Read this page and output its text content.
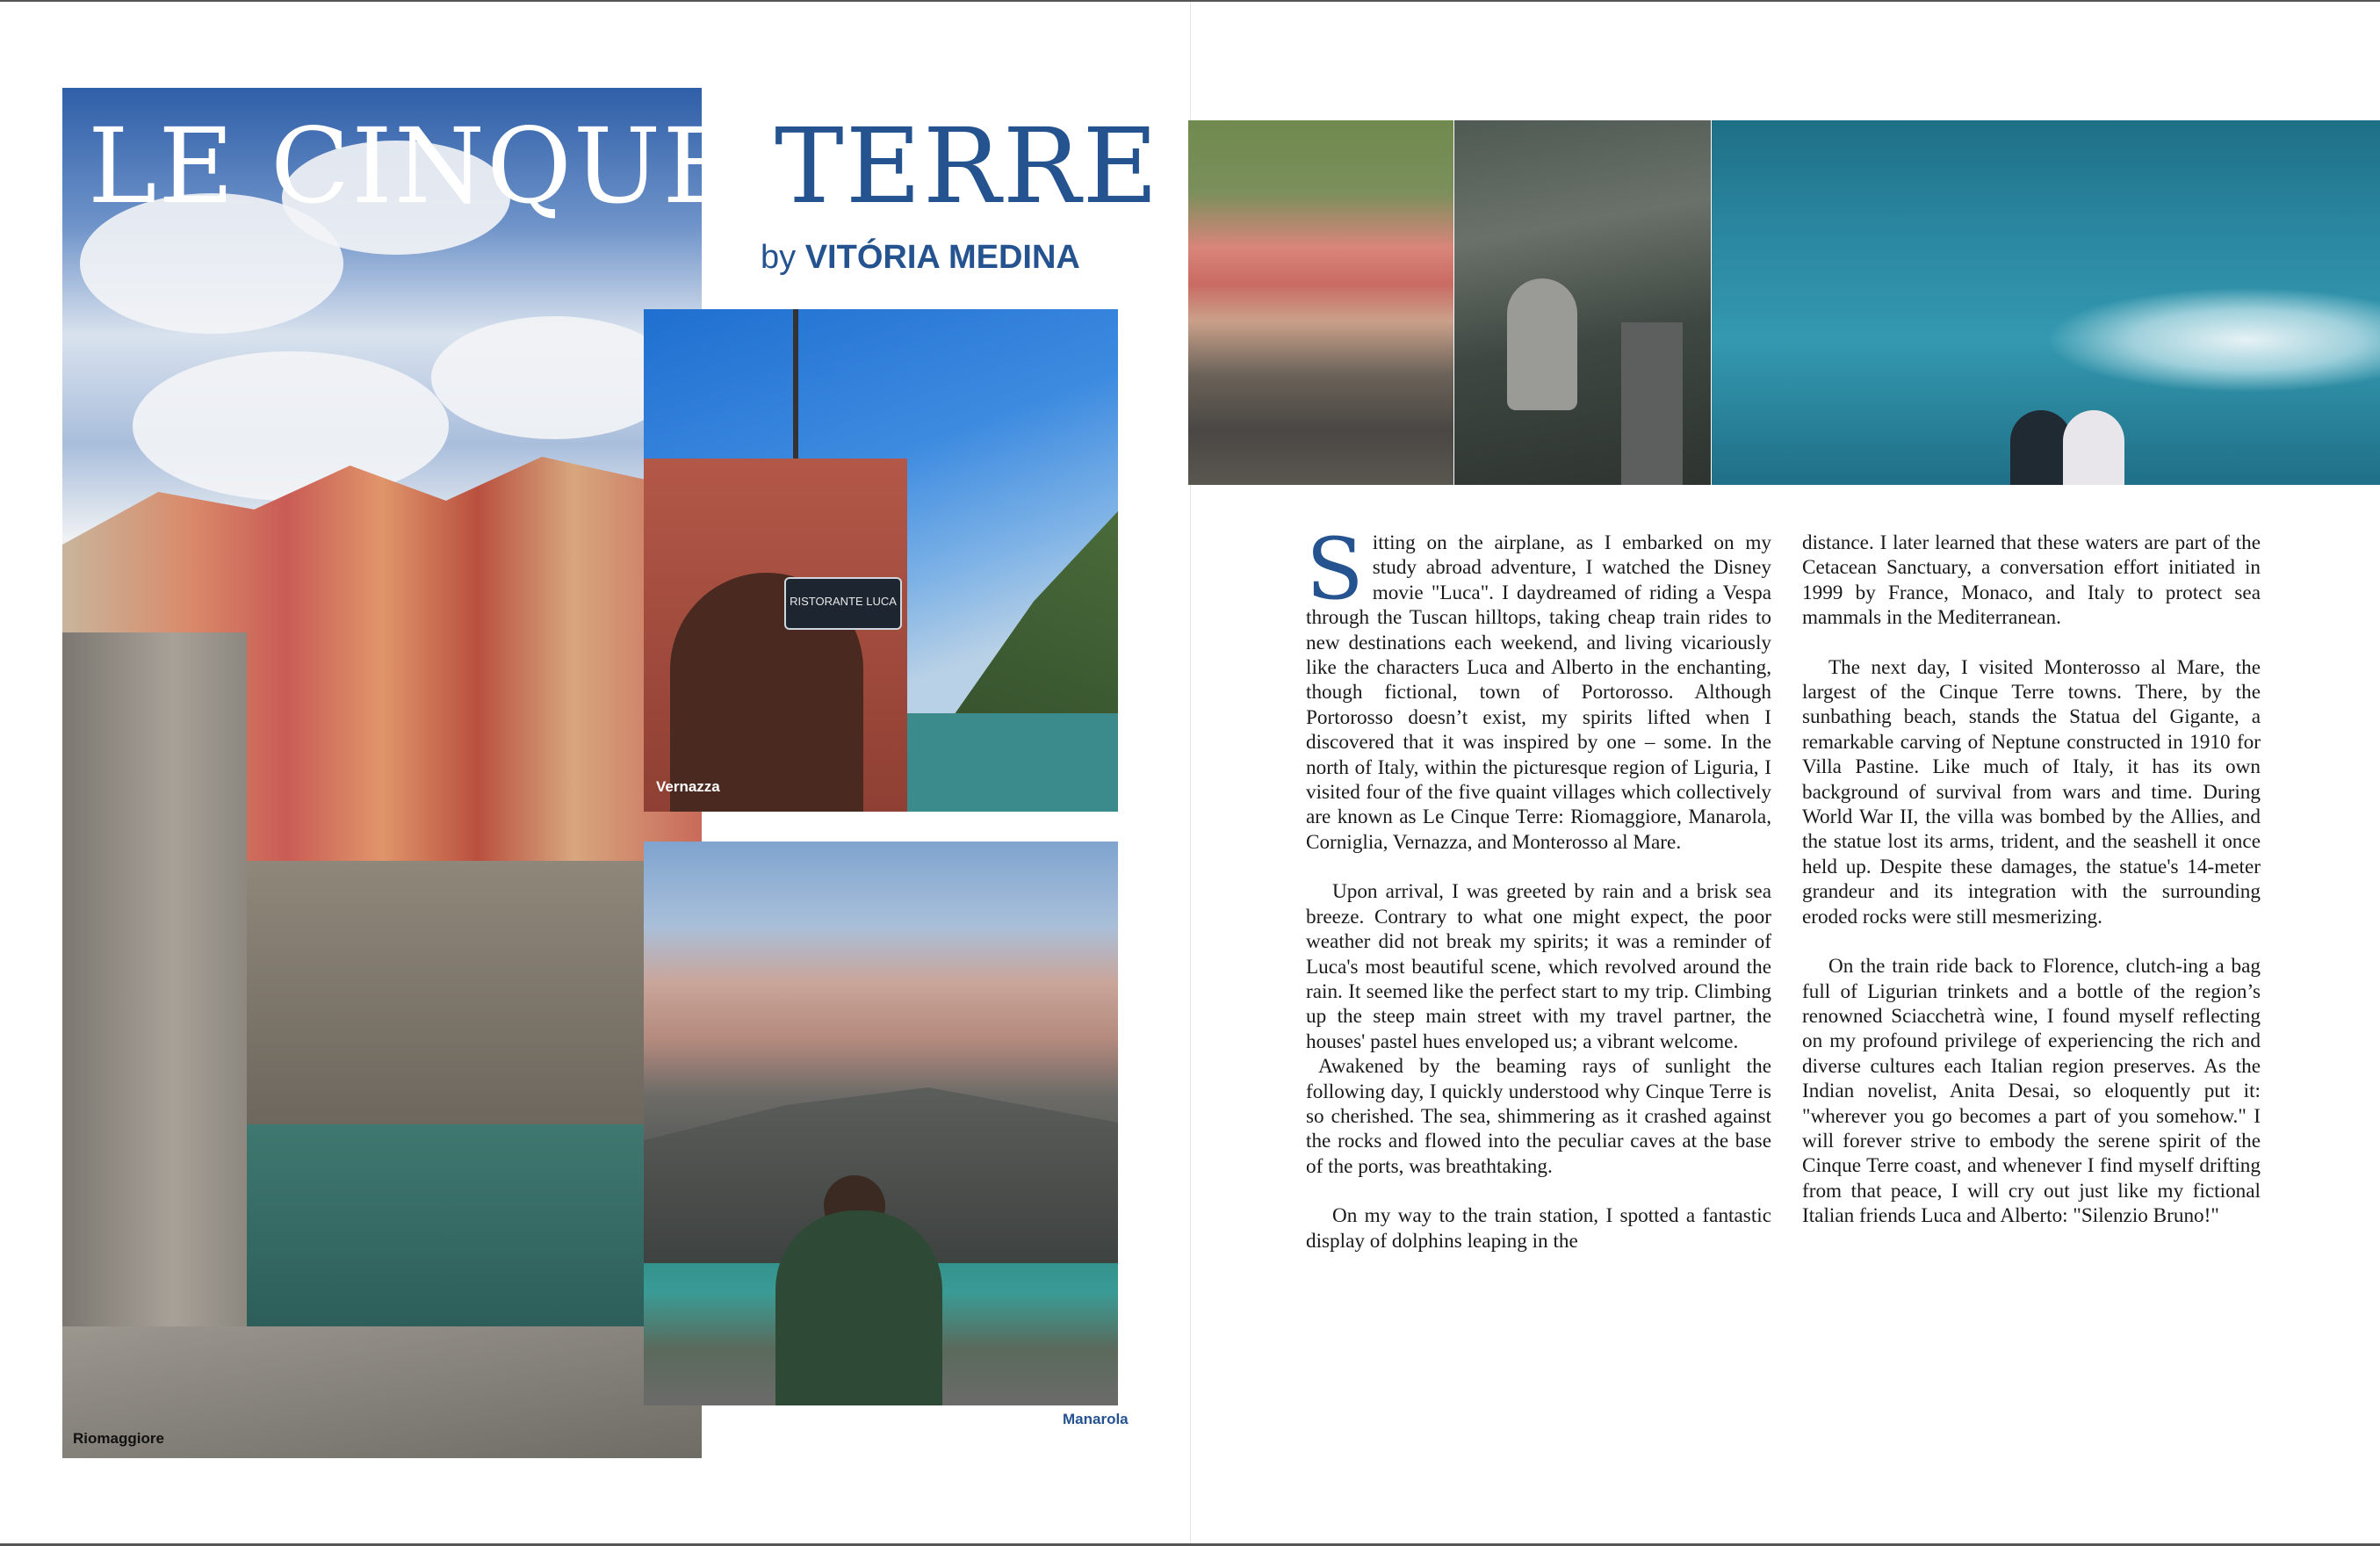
Riomaggiore
LE CINQUE TERRE
by VITÓRIA MEDINA
RISTORANTE LUCA
Vernazza
Manarola

Sitting on the airplane, as I embarked on my study abroad adventure, I watched the Disney movie "Luca". I daydreamed of riding a Vespa through the Tuscan hilltops, taking cheap train rides to new destinations each weekend, and living vicariously like the characters Luca and Alberto in the enchanting, though fictional, town of Portorosso. Although Portorosso doesn’t exist, my spirits lifted when I discovered that it was inspired by one – some. In the north of Italy, within the picturesque region of Liguria, I visited four of the five quaint villages which collectively are known as Le Cinque Terre: Riomaggiore, Manarola, Corniglia, Vernazza, and Monterosso al Mare.

Upon arrival, I was greeted by rain and a brisk sea breeze. Contrary to what one might expect, the poor weather did not break my spirits; it was a reminder of Luca's most beautiful scene, which revolved around the rain. It seemed like the perfect start to my trip. Climbing up the steep main street with my travel partner, the houses' pastel hues enveloped us; a vibrant welcome.

Awakened by the beaming rays of sunlight the following day, I quickly understood why Cinque Terre is so cherished. The sea, shimmering as it crashed against the rocks and flowed into the peculiar caves at the base of the ports, was breathtaking.

On my way to the train station, I spotted a fantastic display of dolphins leaping in the

distance. I later learned that these waters are part of the Cetacean Sanctuary, a conversation effort initiated in 1999 by France, Monaco, and Italy to protect sea mammals in the Mediterranean.

The next day, I visited Monterosso al Mare, the largest of the Cinque Terre towns. There, by the sunbathing beach, stands the Statua del Gigante, a remarkable carving of Neptune constructed in 1910 for Villa Pastine. Like much of Italy, it has its own background of survival from wars and time. During World War II, the villa was bombed by the Allies, and the statue lost its arms, trident, and the seashell it once held up. Despite these damages, the statue's 14-meter grandeur and its integration with the surrounding eroded rocks were still mesmerizing.

On the train ride back to Florence, clutch-ing a bag full of Ligurian trinkets and a bottle of the region’s renowned Sciacchetrà wine, I found myself reflecting on my profound privilege of experiencing the rich and diverse cultures each Italian region preserves. As the Indian novelist, Anita Desai, so eloquently put it: "wherever you go becomes a part of you somehow." I will forever strive to embody the serene spirit of the Cinque Terre coast, and whenever I find myself drifting from that peace, I will cry out just like my fictional Italian friends Luca and Alberto: "Silenzio Bruno!"
